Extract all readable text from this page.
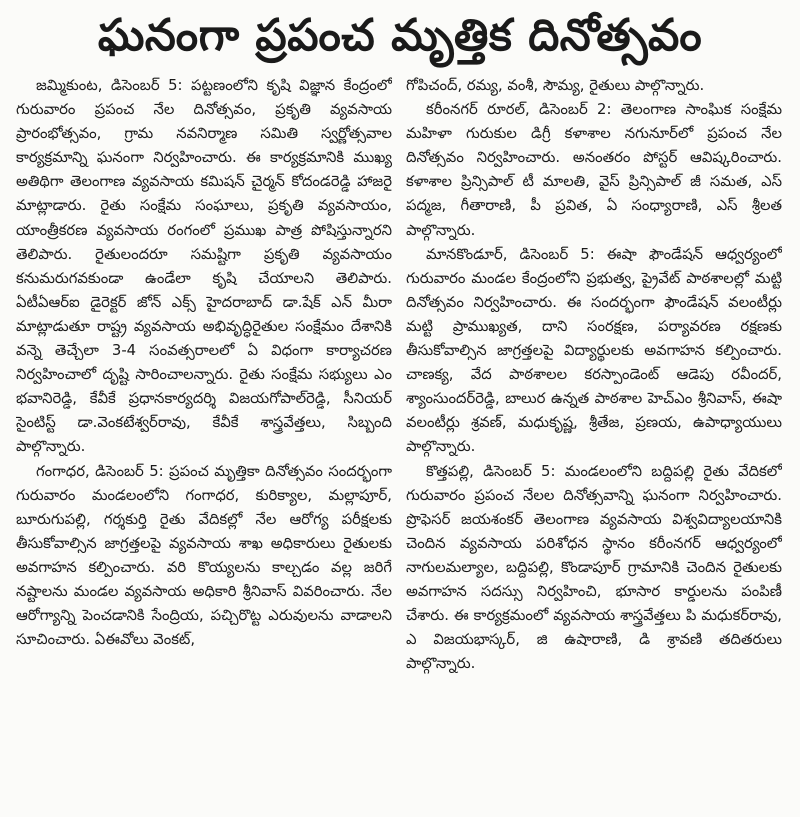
ఘనంగా ప్రపంచ మృత్తిక దినోత్సవం

జమ్మికుంట, డిసెంబర్ 5: పట్టణంలోని కృషి విజ్ఞాన కేంద్రంలో గురువారం ప్రపంచ నేల దినోత్సవం, ప్రకృతి వ్యవసాయ ప్రారంభోత్సవం, గ్రామ నవనిర్మాణ సమితి స్వర్ణోత్సవాల కార్యక్రమాన్ని ఘనంగా నిర్వహించారు. ఈ కార్యక్రమానికి ముఖ్య అతిథిగా తెలంగాణ వ్యవసాయ కమిషన్ చైర్మన్ కోదండరెడ్డి హాజరై మాట్లాడారు. రైతు సంక్షేమ సంఘాలు, ప్రకృతి వ్యవసాయం, యాంత్రీకరణ వ్యవసాయ రంగంలో ప్రముఖ పాత్ర పోషిస్తున్నారని తెలిపారు. రైతులందరూ సమష్టిగా ప్రకృతి వ్యవసాయం కనుమరుగవకుండా ఉండేలా కృషి చేయాలని తెలిపారు. ఏటీఏఆర్ఐ డైరెక్టర్ జోన్ ఎక్స్ హైదరాబాద్ డా.షేక్ ఎన్ మీరా మాట్లాడుతూ రాష్ట్ర వ్యవసాయ అభివృద్ధిరైతుల సంక్షేమం దేశానికి వన్నె తెచ్చేలా 3-4 సంవత్సరాలలో ఏ విధంగా కార్యాచరణ నిర్వహించాలో దృష్టి సారించాలన్నారు. రైతు సంక్షేమ సభ్యులు ఎం భవానిరెడ్డి, కేవీకే ప్రధానకార్యదర్శి విజయగోపాల్‌రెడ్డి, సీనియర్ సైంటిస్ట్ డా.వెంకటేశ్వర్‌రావు, కేవీకే శాస్త్రవేత్తలు, సిబ్బంది పాల్గొన్నారు.

గంగాధర, డిసెంబర్ 5: ప్రపంచ మృత్తికా దినోత్సవం సందర్భంగా గురువారం మండలంలోని గంగాధర, కురిక్యాల, మల్లాపూర్, బూరుగుపల్లి, గర్శకుర్తి రైతు వేదికల్లో నేల ఆరోగ్య పరీక్షలకు తీసుకోవాల్సిన జాగ్రత్తలపై వ్యవసాయ శాఖ అధికారులు రైతులకు అవగాహన కల్పించారు. వరి కొయ్యలను కాల్చడం వల్ల జరిగే నష్టాలను మండల వ్యవసాయ అధికారి శ్రీనివాస్ వివరించారు. నేల ఆరోగ్యాన్ని పెంచడానికి సేంద్రియ, పచ్చిరొట్ట ఎరువులను వాడాలని సూచించారు. ఏఈవోలు వెంకట్,

గోపిచంద్, రమ్య, వంశీ, సౌమ్య, రైతులు పాల్గొన్నారు.

కరీంనగర్ రూరల్, డిసెంబర్ 2: తెలంగాణ సాంఘిక సంక్షేమ మహిళా గురుకుల డిగ్రీ కళాశాల నగునూర్‌లో ప్రపంచ నేల దినోత్సవం నిర్వహించారు. అనంతరం పోస్టర్ ఆవిష్కరించారు. కళాశాల ప్రిన్సిపాల్ టీ మాలతి, వైస్ ప్రిన్సిపాల్ జీ సమత, ఎస్ పద్మజ, గీతారాణి, పీ ప్రవిత, ఏ సంధ్యారాణి, ఎస్ శ్రీలత పాల్గొన్నారు.

మానకొండూర్, డిసెంబర్ 5: ఈషా ఫౌండేషన్ ఆధ్వర్యంలో గురువారం మండల కేంద్రంలోని ప్రభుత్వ, ప్రైవేట్ పాఠశాలల్లో మట్టి దినోత్సవం నిర్వహించారు. ఈ సందర్భంగా ఫౌండేషన్ వలంటీర్లు మట్టి ప్రాముఖ్యత, దాని సంరక్షణ, పర్యావరణ రక్షణకు తీసుకోవాల్సిన జాగ్రత్తలపై విద్యార్థులకు అవగాహన కల్పించారు. చాణక్య, వేద పాఠశాలల కరస్పాండెంట్ ఆడెపు రవీందర్, శ్యాంసుందర్‌రెడ్డి, బాలుర ఉన్నత పాఠశాల హెచ్‌ఎం శ్రీనివాస్, ఈషా వలంటీర్లు శ్రవణ్, మధుకృష్ణ, శ్రీతేజ, ప్రణయ, ఉపాధ్యాయులు పాల్గొన్నారు.

కొత్తపల్లి, డిసెంబర్ 5: మండలంలోని బద్దిపల్లి రైతు వేదికలో గురువారం ప్రపంచ నేలల దినోత్సవాన్ని ఘనంగా నిర్వహించారు. ప్రొఫెసర్ జయశంకర్ తెలంగాణ వ్యవసాయ విశ్వవిద్యాలయానికి చెందిన వ్యవసాయ పరిశోధన స్థానం కరీంనగర్ ఆధ్వర్యంలో నాగులమల్యాల, బద్దిపల్లి, కొండాపూర్ గ్రామానికి చెందిన రైతులకు అవగాహన సదస్సు నిర్వహించి, భూసార కార్డులను పంపిణీ చేశారు. ఈ కార్యక్రమంలో వ్యవసాయ శాస్త్రవేత్తలు పి మధుకర్‌రావు, ఎ విజయభాస్కర్, జి ఉషారాణి, డి శ్రావణి తదితరులు పాల్గొన్నారు.
